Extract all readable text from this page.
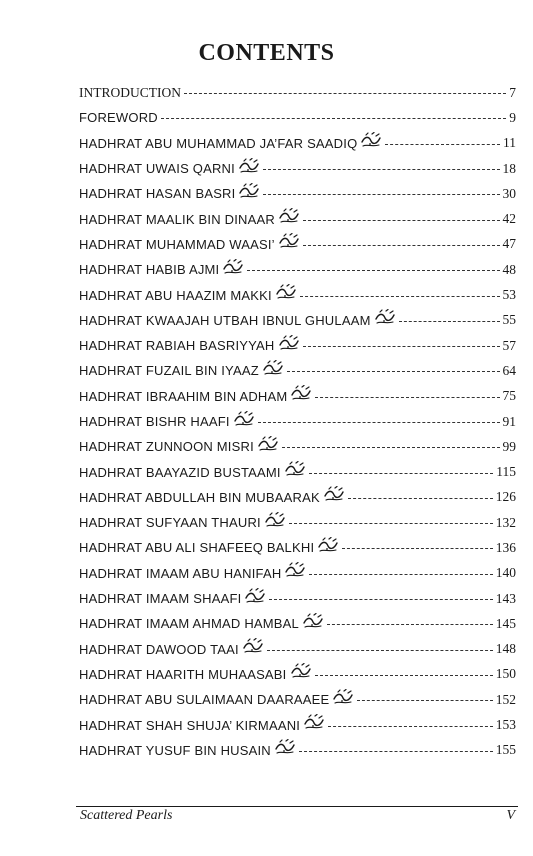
CONTENTS
INTRODUCTION	7
FOREWORD	9
HADHRAT ABU MUHAMMAD JA’FAR SAADIQ	11
HADHRAT UWAIS QARNI	18
HADHRAT HASAN BASRI	30
HADHRAT MAALIK BIN DINAAR	42
HADHRAT MUHAMMAD WAASI’	47
HADHRAT HABIB AJMI	48
HADHRAT ABU HAAZIM MAKKI	53
HADHRAT KWAAJAH UTBAH IBNUL GHULAAM	55
HADHRAT RABIAH BASRIYYAH	57
HADHRAT FUZAIL BIN IYAAZ	64
HADHRAT IBRAAHIM BIN ADHAM	75
HADHRAT BISHR HAAFI	91
HADHRAT ZUNNOON MISRI	99
HADHRAT BAAYAZID BUSTAAMI	115
HADHRAT ABDULLAH BIN MUBAARAK	126
HADHRAT SUFYAAN THAURI	132
HADHRAT ABU ALI SHAFEEQ BALKHI	136
HADHRAT IMAAM ABU HANIFAH	140
HADHRAT IMAAM SHAAFI	143
HADHRAT IMAAM AHMAD HAMBAL	145
HADHRAT DAWOOD TAAI	148
HADHRAT HAARITH MUHAASABI	150
HADHRAT ABU SULAIMAAN DAARAAEE	152
HADHRAT SHAH SHUJA’ KIRMAANI	153
HADHRAT YUSUF BIN HUSAIN	155
Scattered Pearls	V
